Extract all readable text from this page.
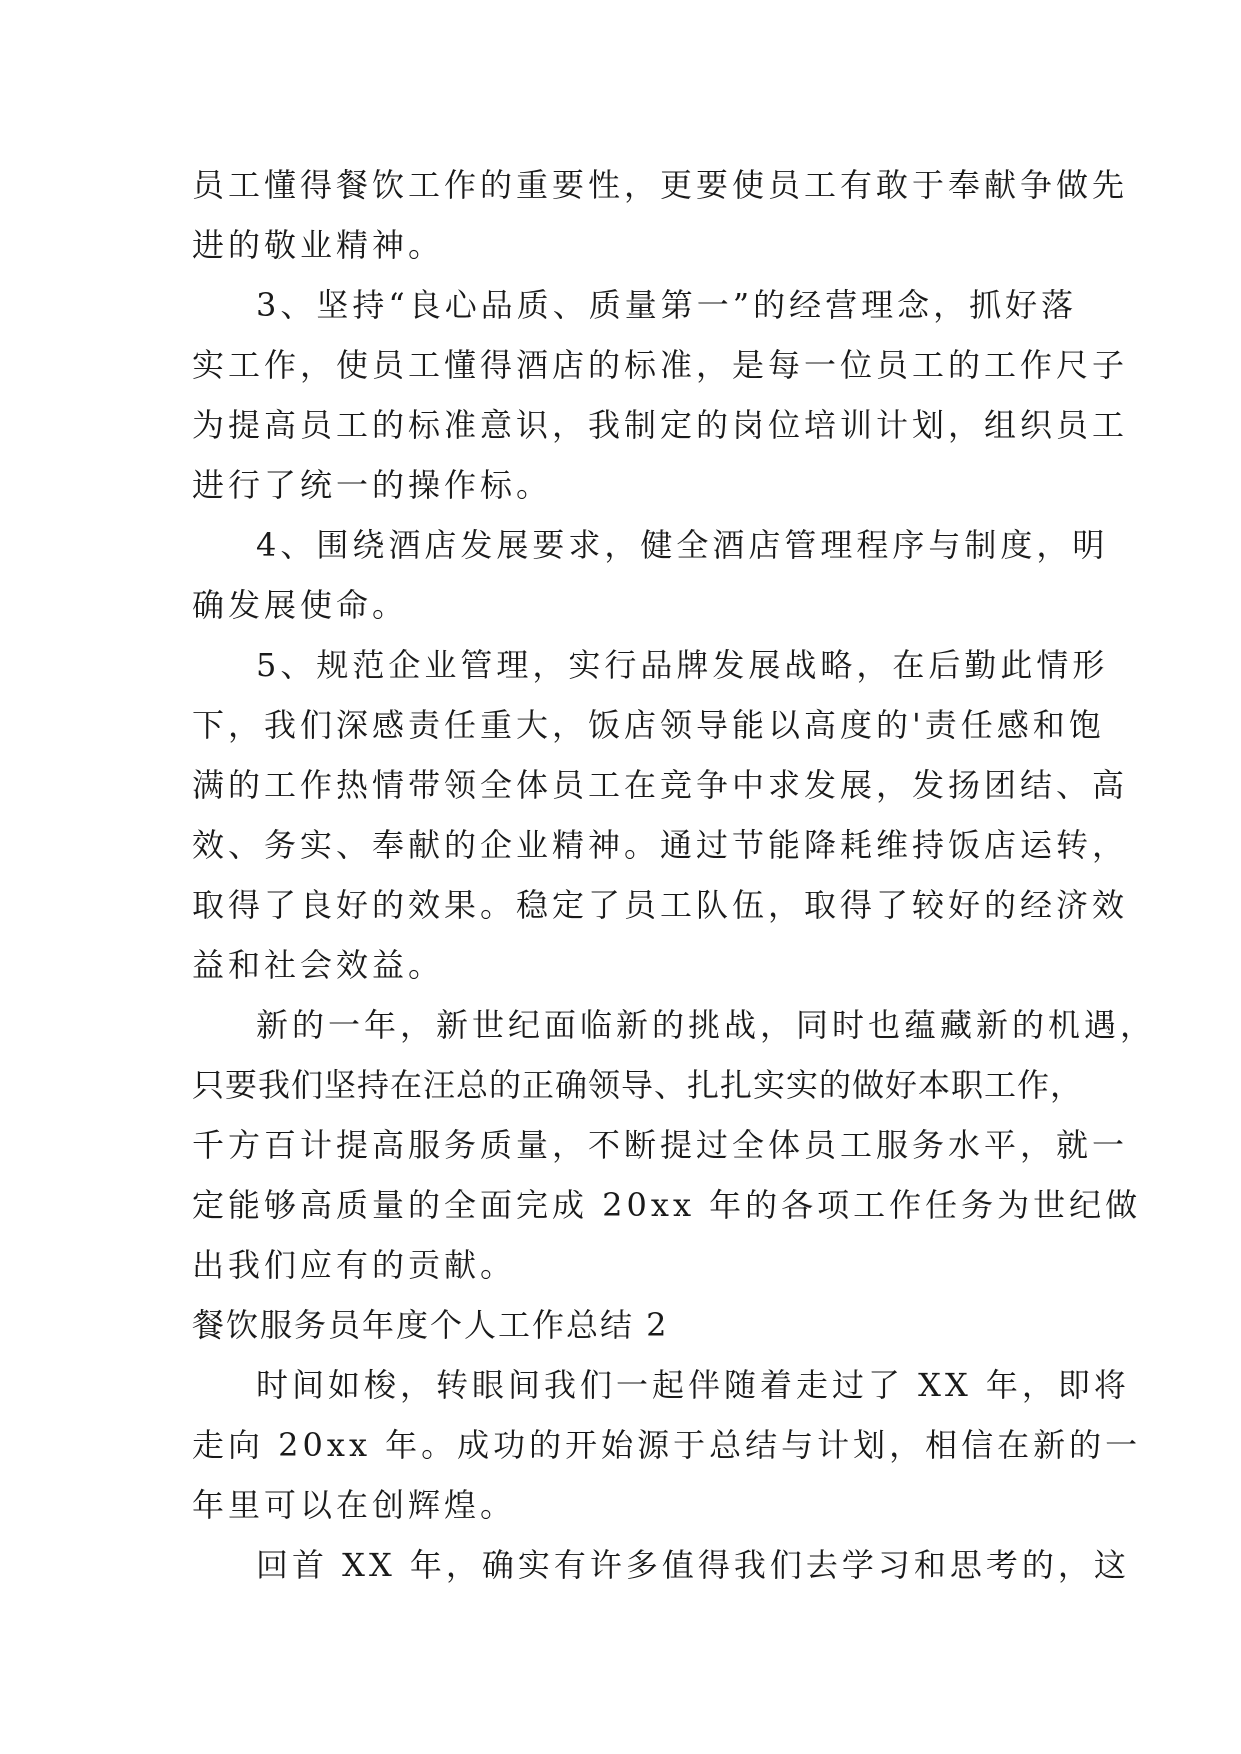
员工懂得餐饮工作的重要性，更要使员工有敢于奉献争做先
进的敬业精神。
3、坚持“良心品质、质量第一”的经营理念，抓好落
实工作，使员工懂得酒店的标准，是每一位员工的工作尺子
为提高员工的标准意识，我制定的岗位培训计划，组织员工
进行了统一的操作标。
4、围绕酒店发展要求，健全酒店管理程序与制度，明
确发展使命。
5、规范企业管理，实行品牌发展战略，在后勤此情形
下，我们深感责任重大，饭店领导能以高度的'责任感和饱
满的工作热情带领全体员工在竞争中求发展，发扬团结、高
效、务实、奉献的企业精神。通过节能降耗维持饭店运转，
取得了良好的效果。稳定了员工队伍，取得了较好的经济效
益和社会效益。
新的一年，新世纪面临新的挑战，同时也蕴藏新的机遇，
只要我们坚持在汪总的正确领导、扎扎实实的做好本职工作，
千方百计提高服务质量，不断提过全体员工服务水平，就一
定能够高质量的全面完成 20xx 年的各项工作任务为世纪做
出我们应有的贡献。
餐饮服务员年度个人工作总结 2
时间如梭，转眼间我们一起伴随着走过了 XX 年，即将
走向 20xx 年。成功的开始源于总结与计划，相信在新的一
年里可以在创辉煌。
回首 XX 年，确实有许多值得我们去学习和思考的，这
